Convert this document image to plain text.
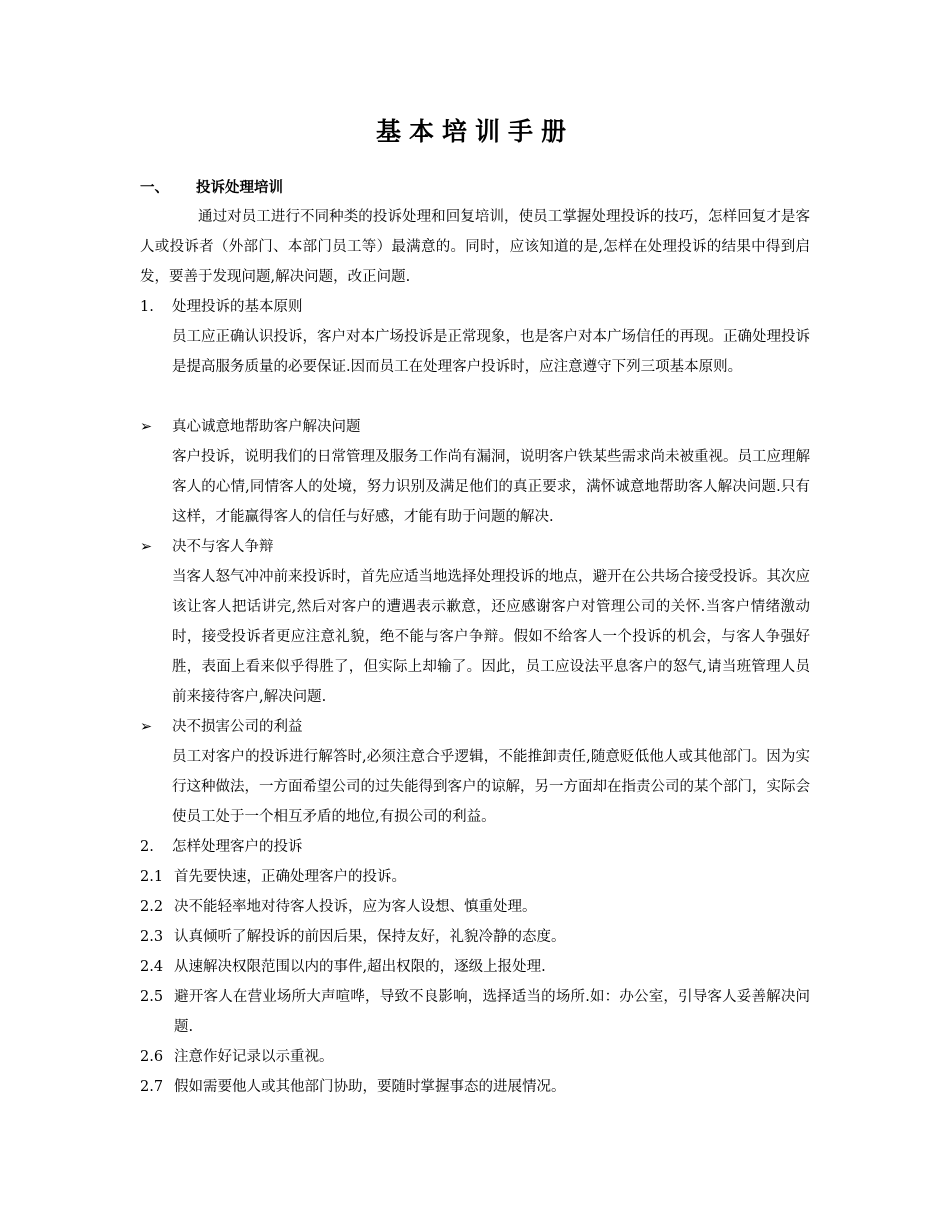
基本培训手册
一、 投诉处理培训
通过对员工进行不同种类的投诉处理和回复培训，使员工掌握处理投诉的技巧，怎样回复才是客人或投诉者（外部门、本部门员工等）最满意的。同时，应该知道的是,怎样在处理投诉的结果中得到启发，要善于发现问题,解决问题，改正问题.
1. 处理投诉的基本原则
员工应正确认识投诉，客户对本广场投诉是正常现象，也是客户对本广场信任的再现。正确处理投诉是提高服务质量的必要保证.因而员工在处理客户投诉时，应注意遵守下列三项基本原则。
➢ 真心诚意地帮助客户解决问题
客户投诉，说明我们的日常管理及服务工作尚有漏洞，说明客户铁某些需求尚未被重视。员工应理解客人的心情,同情客人的处境，努力识别及满足他们的真正要求，满怀诚意地帮助客人解决问题.只有这样，才能赢得客人的信任与好感，才能有助于问题的解决.
➢ 决不与客人争辩
当客人怒气冲冲前来投诉时，首先应适当地选择处理投诉的地点，避开在公共场合接受投诉。其次应该让客人把话讲完,然后对客户的遭遇表示歉意，还应感谢客户对管理公司的关怀.当客户情绪激动时，接受投诉者更应注意礼貌，绝不能与客户争辩。假如不给客人一个投诉的机会，与客人争强好胜，表面上看来似乎得胜了，但实际上却输了。因此，员工应设法平息客户的怒气,请当班管理人员前来接待客户,解决问题.
➢ 决不损害公司的利益
员工对客户的投诉进行解答时,必须注意合乎逻辑，不能推卸责任,随意贬低他人或其他部门。因为实行这种做法，一方面希望公司的过失能得到客户的谅解，另一方面却在指责公司的某个部门，实际会使员工处于一个相互矛盾的地位,有损公司的利益。
2. 怎样处理客户的投诉
2.1 首先要快速，正确处理客户的投诉。
2.2 决不能轻率地对待客人投诉，应为客人设想、慎重处理。
2.3 认真倾听了解投诉的前因后果，保持友好，礼貌冷静的态度。
2.4 从速解决权限范围以内的事件,超出权限的，逐级上报处理.
2.5 避开客人在营业场所大声喧哗，导致不良影响，选择适当的场所.如：办公室，引导客人妥善解决问题.
2.6 注意作好记录以示重视。
2.7 假如需要他人或其他部门协助，要随时掌握事态的进展情况。
